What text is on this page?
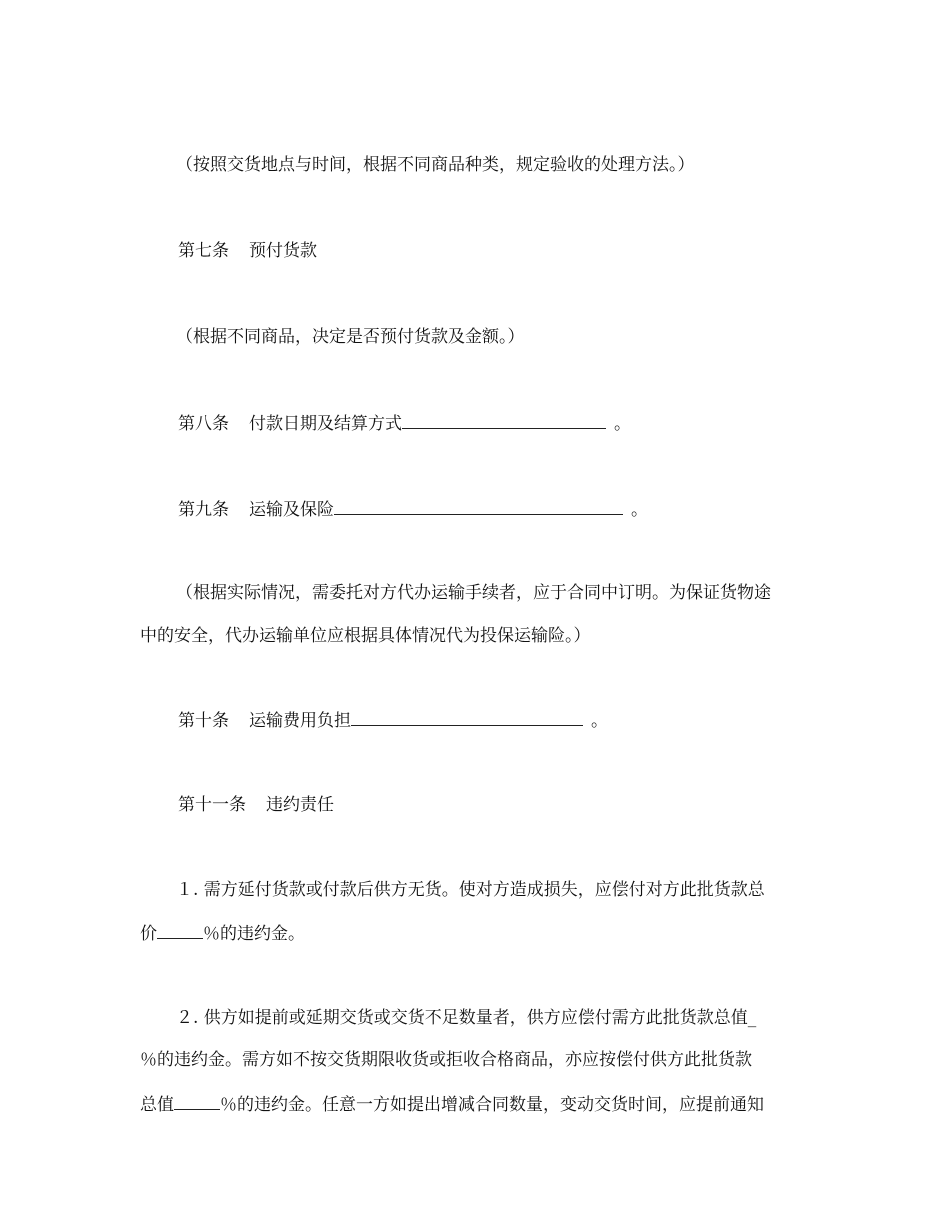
（按照交货地点与时间，根据不同商品种类，规定验收的处理方法。）
第七条 预付货款
（根据不同商品，决定是否预付货款及金额。）
第八条 付款日期及结算方式	。
第九条 运输及保险	。
（根据实际情况，需委托对方代办运输手续者，应于合同中订明。为保证货物途
中的安全，代办运输单位应根据具体情况代为投保运输险。）
第十条 运输费用负担	。
第十一条 违约责任
１. 需方延付货款或付款后供方无货。使对方造成损失，应偿付对方此批货款总
价	％的违约金。
２. 供方如提前或延期交货或交货不足数量者，供方应偿付需方此批货款总值_
％的违约金。需方如不按交货期限收货或拒收合格商品，亦应按偿付供方此批货款
总值	％的违约金。任意一方如提出增减合同数量，变动交货时间，应提前通知
